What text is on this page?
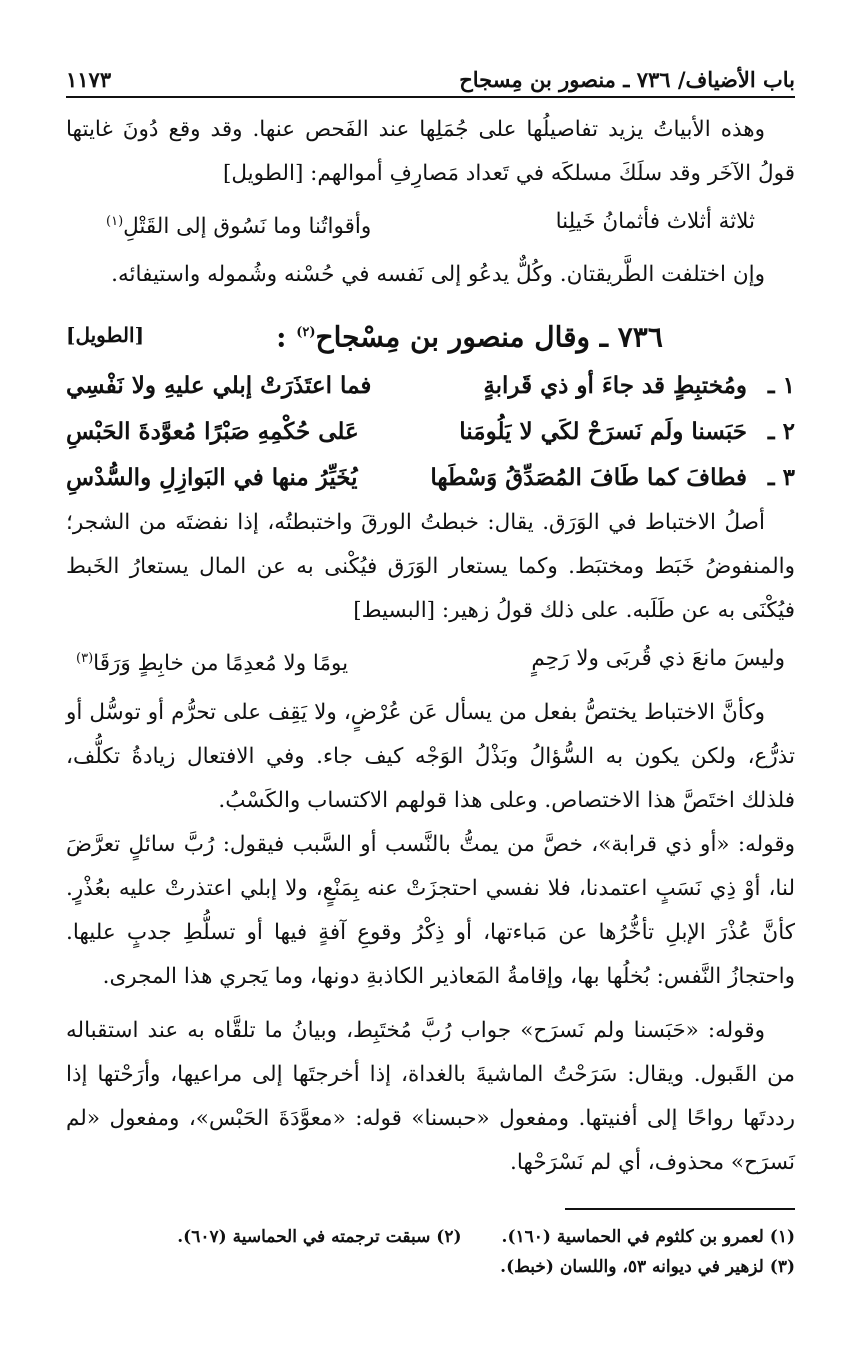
باب الأضياف/ ٧٣٦ ـ منصور بن مِسجاح
١١٧٣

وهذه الأبياتُ يزيد تفاصيلُها على جُمَلِها عند الفَحص عنها. وقد وقع دُونَ غايتها قولُ الآخَر وقد سلَكَ مسلكَه في تَعداد مَصارِفِ أموالهم: [الطويل]

ثلاثة أثلاث فأثمانُ خَيلِنا
وأقواتُنا وما نَسُوق إلى القَتْلِ$^{(١)}$

وإن اختلفت الطَّريقتان. وكُلٌّ يدعُو إلى نَفسه في حُسْنه وشُموله واستيفائه.

٧٣٦ ـ وقال منصور بن مِسْجاح$^{(٢)}$ :
[الطويل]
١ ـ
ومُختبِطٍ قد جاءَ أو ذي قَرابةٍ
فما اعتَذَرَتْ إبلي عليهِ ولا نَفْسِي
٢ ـ
حَبَسنا ولَم نَسرَحْ لكَي لا يَلُومَنا
عَلى حُكْمِهِ صَبْرًا مُعوَّدةَ الحَبْسِ
٣ ـ
فطافَ كما طَافَ المُصَدِّقُ وَسْطَها
يُخَيِّرُ منها في البَوازِلِ والسُّدْسِ

أصلُ الاختباط في الوَرَق. يقال: خبطتُ الورقَ واختبطتُه، إذا نفضتَه من الشجر؛ والمنفوضُ خَبَط ومختبَط. وكما يستعار الوَرَق فيُكْنى به عن المال يستعارُ الخَبط فيُكْنَى به عن طَلَبه. على ذلك قولُ زهير: [البسيط]

وليسَ مانعَ ذي قُربَى ولا رَحِمٍ
يومًا ولا مُعدِمًا من خابِطٍ وَرَقَا$^{(٣)}$

وكأنَّ الاختباط يختصُّ بفعل من يسأل عَن عُرْضٍ، ولا يَقِف على تحرُّم أو توسُّل أو تذرُّع، ولكن يكون به السُّؤالُ وبَذْلُ الوَجْه كيف جاء. وفي الافتعال زيادةُ تكلُّف، فلذلك اختَصَّ هذا الاختصاص. وعلى هذا قولهم الاكتساب والكَسْبُ.

وقوله: «أو ذي قرابة»، خصَّ من يمتُّ بالنَّسب أو السَّبب فيقول: رُبَّ سائلٍ تعرَّضَ لنا، أوْ ذِي نَسَبٍ اعتمدنا، فلا نفسي احتجزَتْ عنه بِمَنْعٍ، ولا إبلي اعتذرتْ عليه بعُذْرٍ. كأنَّ عُذْرَ الإبلِ تأخُّرُها عن مَباءتها، أو ذِكْرُ وقوعِ آفةٍ فيها أو تسلُّطِ جدبٍ عليها. واحتجازُ النَّفس: بُخلُها بها، وإقامةُ المَعاذير الكاذبةِ دونها، وما يَجري هذا المجرى.

وقوله: «حَبَسنا ولم نَسرَح» جواب رُبَّ مُختَبِط، وبيانُ ما تلقَّاه به عند استقباله من القَبول. ويقال: سَرَحْتُ الماشيةَ بالغداة، إذا أخرجتَها إلى مراعيها، وأرَحْتها إذا رددتَها رواحًا إلى أفنيتها. ومفعول «حبسنا» قوله: «معوَّدَةَ الحَبْس»، ومفعول «لم نَسرَح» محذوف، أي لم نَسْرَحْها.

(١) لعمرو بن كلثوم في الحماسية (١٦٠).
(٢) سبقت ترجمته في الحماسية (٦٠٧).
(٣) لزهير في ديوانه ٥٣، واللسان (خبط).
